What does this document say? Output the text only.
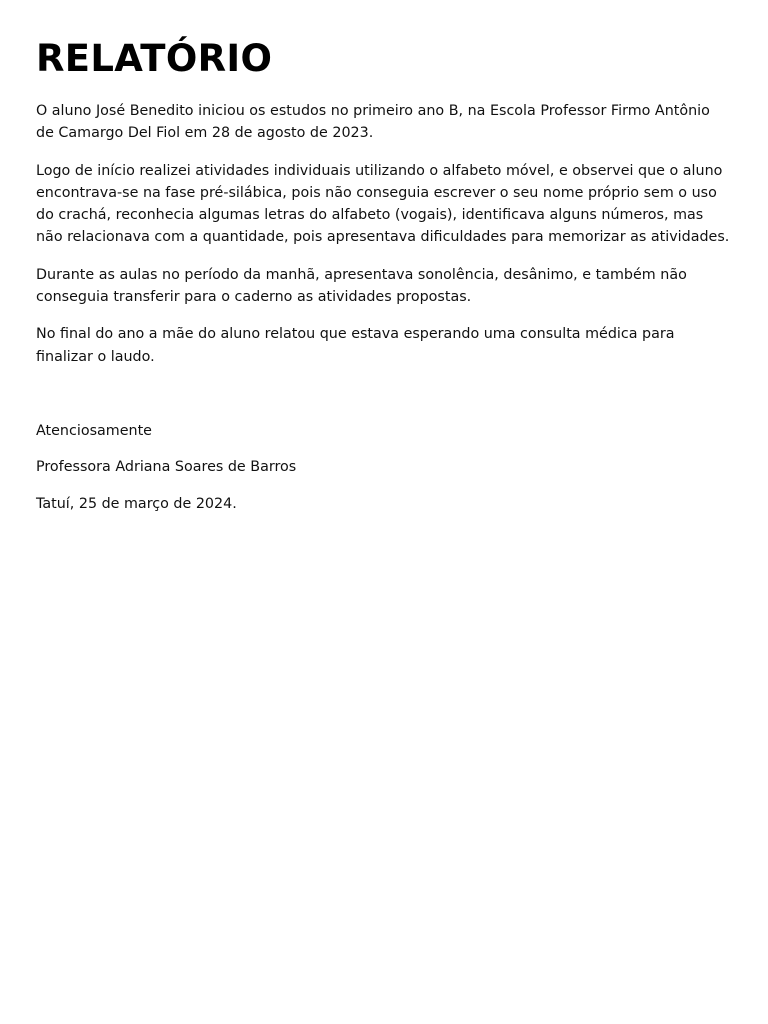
RELATÓRIO

O aluno José Benedito iniciou os estudos no primeiro ano B, na Escola Professor Firmo Antônio de Camargo Del Fiol em 28 de agosto de 2023.

Logo de início realizei atividades individuais utilizando o alfabeto móvel, e observei que o aluno encontrava-se na fase pré-silábica, pois não conseguia escrever o seu nome próprio sem o uso do crachá, reconhecia algumas letras do alfabeto (vogais), identificava alguns números, mas não relacionava com a quantidade, pois apresentava dificuldades para memorizar as atividades.

Durante as aulas no período da manhã, apresentava sonolência, desânimo, e também não conseguia transferir para o caderno as atividades propostas.

No final do ano a mãe do aluno relatou que estava esperando uma consulta médica para finalizar o laudo.

Atenciosamente

Professora Adriana Soares de Barros

Tatuí, 25 de março de 2024.
